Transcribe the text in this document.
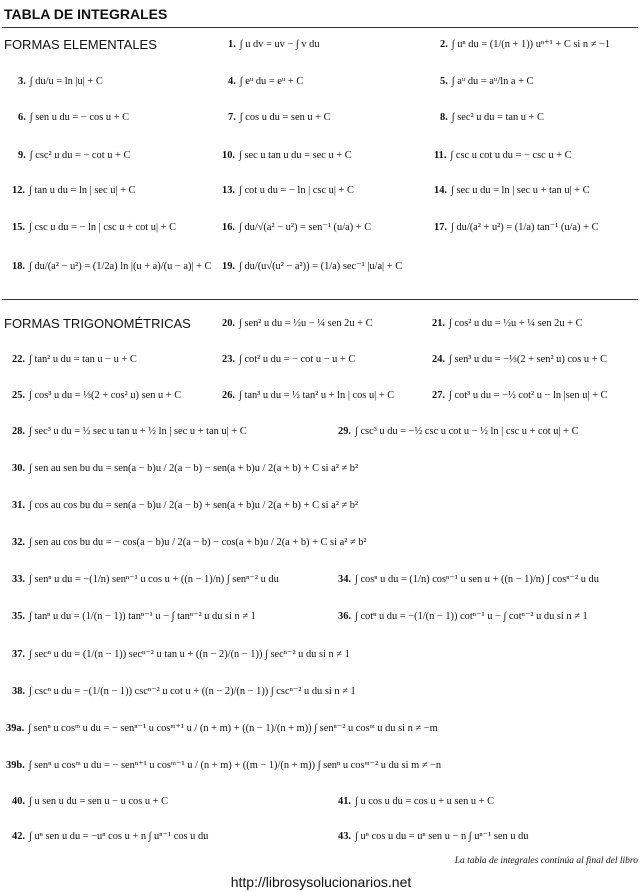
TABLA DE INTEGRALES
FORMAS ELEMENTALES	1. ∫ u dv = uv − ∫ v du	2. ∫ uⁿ du = (1/(n + 1)) uⁿ⁺¹ + C si n ≠ −1
3. ∫ du/u = ln |u| + C	4. ∫ eᵘ du = eᵘ + C	5. ∫ aᵘ du = aᵘ/ln a + C
6. ∫ sen u du = − cos u + C	7. ∫ cos u du = sen u + C	8. ∫ sec² u du = tan u + C
9. ∫ csc² u du = − cot u + C	10. ∫ sec u tan u du = sec u + C	11. ∫ csc u cot u du = − csc u + C
12. ∫ tan u du = ln | sec u| + C	13. ∫ cot u du = − ln | csc u| + C	14. ∫ sec u du = ln | sec u + tan u| + C
15. ∫ csc u du = − ln | csc u + cot u| + C	16. ∫ du/√(a² − u²) = sen⁻¹ (u/a) + C	17. ∫ du/(a² + u²) = (1/a) tan⁻¹ (u/a) + C
18. ∫ du/(a² − u²) = (1/2a) ln |(u + a)/(u − a)| + C 19. ∫ du/(u√(u² − a²)) = (1/a) sec⁻¹ |u/a| + C
FORMAS TRIGONOMÉTRICAS	20. ∫ sen² u du = ½u − ¼ sen 2u + C	21. ∫ cos² u du = ½u + ¼ sen 2u + C
22. ∫ tan² u du = tan u − u + C	23. ∫ cot² u du = − cot u − u + C	24. ∫ sen³ u du = −⅓(2 + sen² u) cos u + C
25. ∫ cos³ u du = ⅓(2 + cos² u) sen u + C	26. ∫ tan³ u du = ½ tan² u + ln | cos u| + C	27. ∫ cot³ u du = −½ cot² u − ln |sen u| + C
28. ∫ sec³ u du = ½ sec u tan u + ½ ln | sec u + tan u| + C	29. ∫ csc³ u du = −½ csc u cot u − ½ ln | csc u + cot u| + C
30. ∫ sen au sen bu du = sen(a − b)u / 2(a − b) − sen(a + b)u / 2(a + b) + C si a² ≠ b²
31. ∫ cos au cos bu du = sen(a − b)u / 2(a − b) + sen(a + b)u / 2(a + b) + C si a² ≠ b²
32. ∫ sen au cos bu du = − cos(a − b)u / 2(a − b) − cos(a + b)u / 2(a + b) + C si a² ≠ b²
33. ∫ senⁿ u du = −(1/n) senⁿ⁻¹ u cos u + ((n − 1)/n) ∫ senⁿ⁻² u du	34. ∫ cosⁿ u du = (1/n) cosⁿ⁻¹ u sen u + ((n − 1)/n) ∫ cosⁿ⁻² u du
35. ∫ tanⁿ u du = (1/(n − 1)) tanⁿ⁻¹ u − ∫ tanⁿ⁻² u du si n ≠ 1	36. ∫ cotⁿ u du = −(1/(n − 1)) cotⁿ⁻¹ u − ∫ cotⁿ⁻² u du si n ≠ 1
37. ∫ secⁿ u du = (1/(n − 1)) secⁿ⁻² u tan u + ((n − 2)/(n − 1)) ∫ secⁿ⁻² u du si n ≠ 1
38. ∫ cscⁿ u du = −(1/(n − 1)) cscⁿ⁻² u cot u + ((n − 2)/(n − 1)) ∫ cscⁿ⁻² u du si n ≠ 1
39a. ∫ senⁿ u cosᵐ u du = − senⁿ⁻¹ u cosᵐ⁺¹ u / (n + m) + ((n − 1)/(n + m)) ∫ senⁿ⁻² u cosᵐ u du si n ≠ −m
39b. ∫ senⁿ u cosᵐ u du = − senⁿ⁺¹ u cosᵐ⁻¹ u / (n + m) + ((m − 1)/(n + m)) ∫ senⁿ u cosᵐ⁻² u du si m ≠ −n
40. ∫ u sen u du = sen u − u cos u + C	41. ∫ u cos u du = cos u + u sen u + C
42. ∫ uⁿ sen u du = −uⁿ cos u + n ∫ uⁿ⁻¹ cos u du	43. ∫ uⁿ cos u du = uⁿ sen u − n ∫ uⁿ⁻¹ sen u du
La tabla de integrales continúa al final del libro
http://librosysolucionarios.net
